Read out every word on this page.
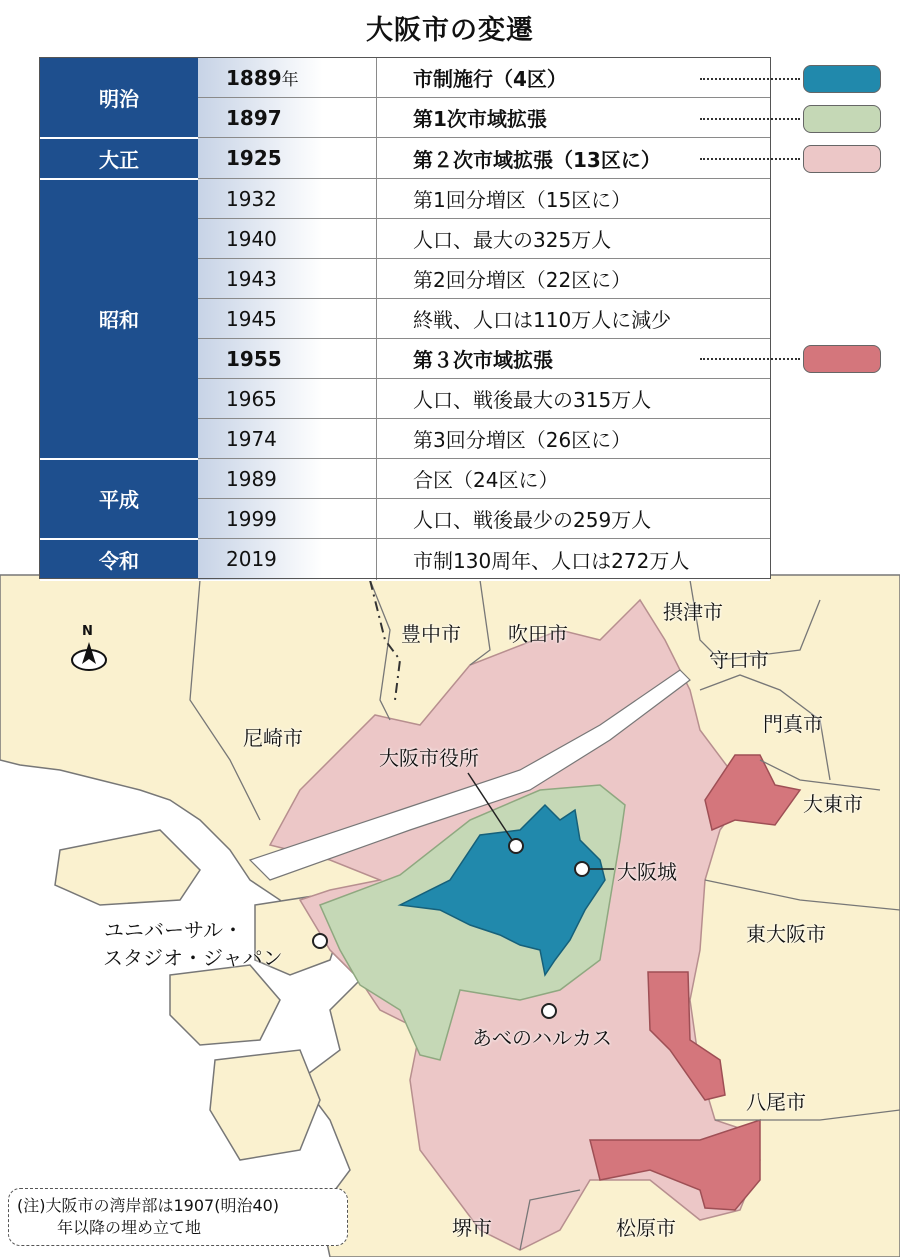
大阪市の変遷
明治	1889年	市制施行（4区）
	1897	第1次市域拡張
大正	1925	第２次市域拡張（13区に）
昭和	1932	第1回分増区（15区に）
	1940	人口、最大の325万人
	1943	第2回分増区（22区に）
	1945	終戦、人口は110万人に減少
	1955	第３次市域拡張
	1965	人口、戦後最大の315万人
	1974	第3回分増区（26区に）
平成	1989	合区（24区に）
	1999	人口、戦後最少の259万人
令和	2019	市制130周年、人口は272万人
N	豊中市 吹田市
摂津市
守口市
門真市
尼崎市
大東市
東大阪市
八尾市
堺市	松原市
大阪市役所
大阪城
ユニバーサル・
スタジオ・ジャパン
あべのハルカス
(注)大阪市の湾岸部は1907(明治40)
年以降の埋め立て地
